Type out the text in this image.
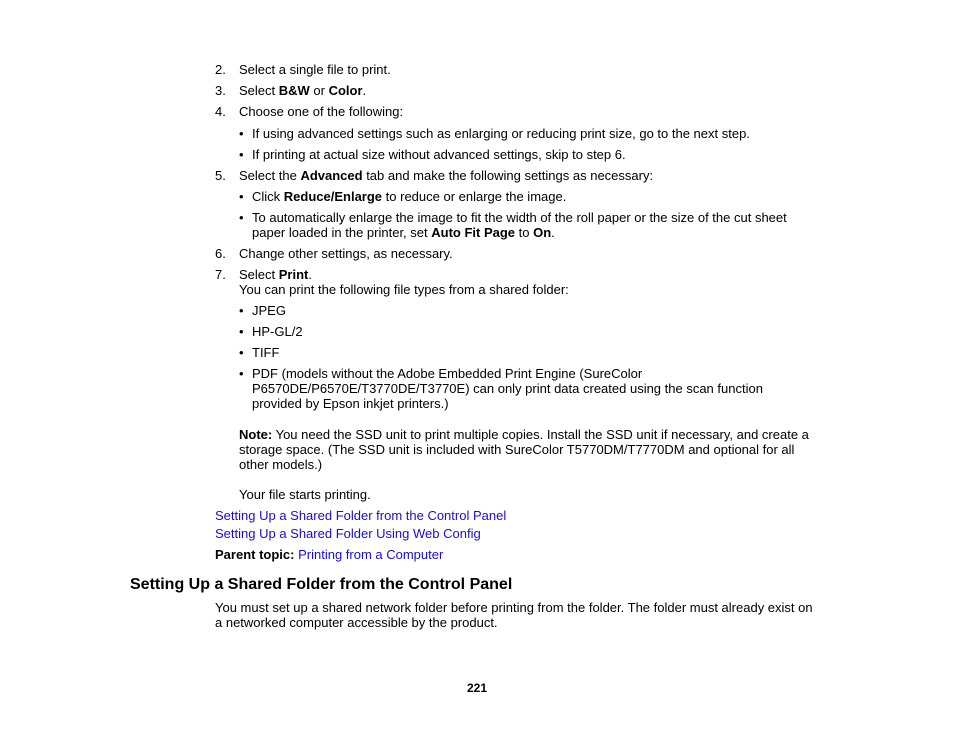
2. Select a single file to print.
3. Select B&W or Color.
4. Choose one of the following:
• If using advanced settings such as enlarging or reducing print size, go to the next step.
• If printing at actual size without advanced settings, skip to step 6.
5. Select the Advanced tab and make the following settings as necessary:
• Click Reduce/Enlarge to reduce or enlarge the image.
• To automatically enlarge the image to fit the width of the roll paper or the size of the cut sheet
paper loaded in the printer, set Auto Fit Page to On.
6. Change other settings, as necessary.
7. Select Print.
You can print the following file types from a shared folder:
• JPEG
• HP-GL/2
• TIFF
• PDF (models without the Adobe Embedded Print Engine (SureColor
P6570DE/P6570E/T3770DE/T3770E) can only print data created using the scan function
provided by Epson inkjet printers.)
Note: You need the SSD unit to print multiple copies. Install the SSD unit if necessary, and create a
storage space. (The SSD unit is included with SureColor T5770DM/T7770DM and optional for all
other models.)
Your file starts printing.
Setting Up a Shared Folder from the Control Panel
Setting Up a Shared Folder Using Web Config
Parent topic: Printing from a Computer
Setting Up a Shared Folder from the Control Panel
You must set up a shared network folder before printing from the folder. The folder must already exist on
a networked computer accessible by the product.
221
